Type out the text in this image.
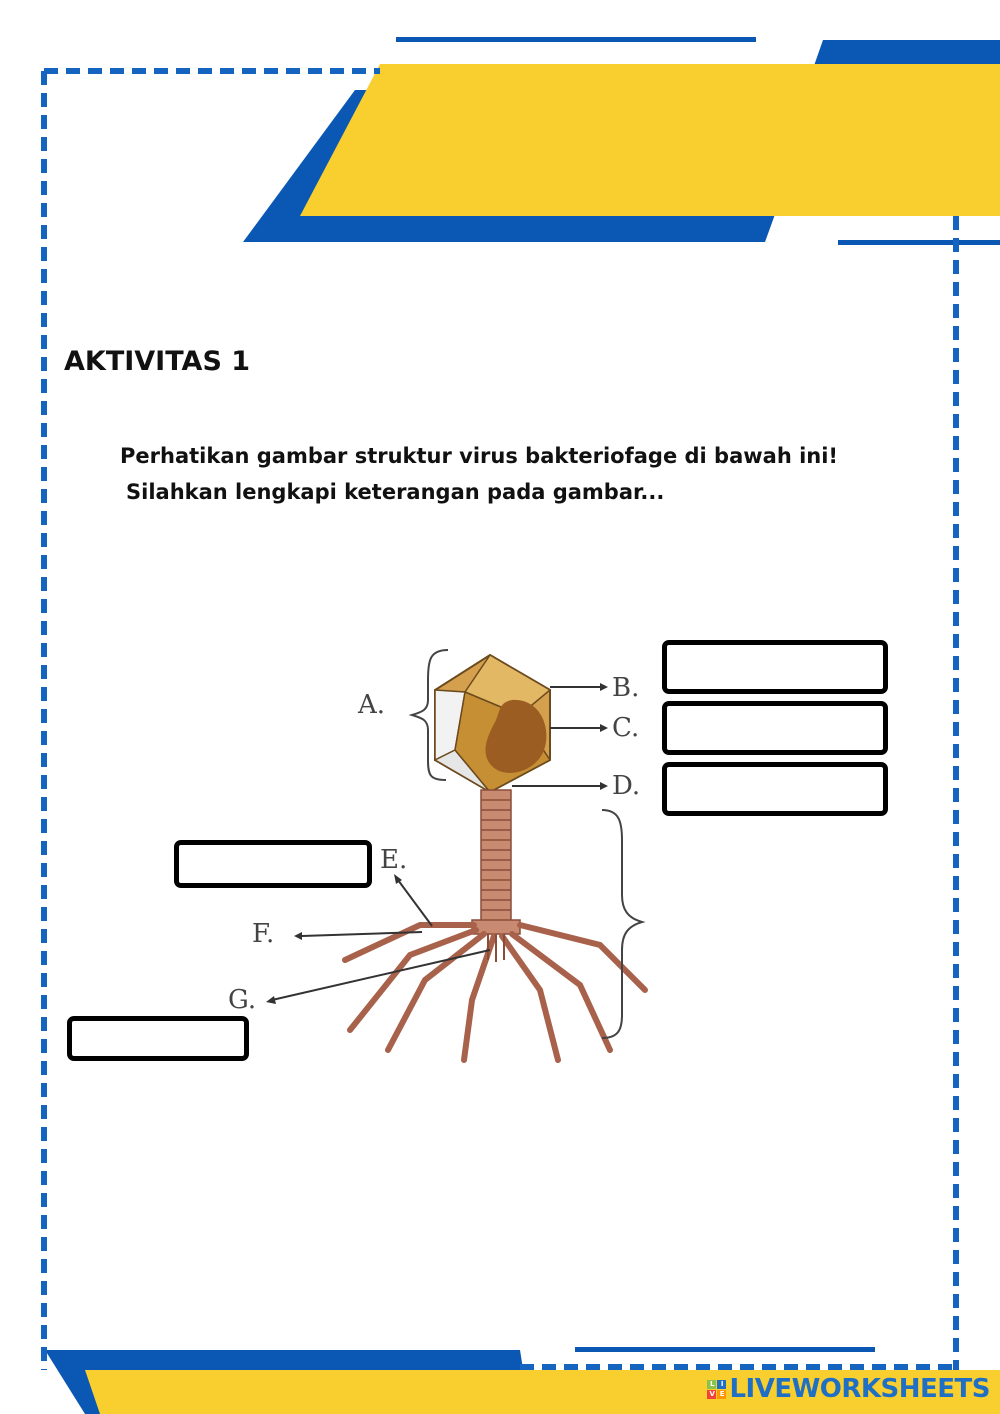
AKTIVITAS 1

Perhatikan gambar struktur virus bakteriofage di bawah ini!
Silahkan lengkapi keterangan pada gambar...

A.
B.
C.
D.
E.
F.
G.
L I
V E LIVEWORKSHEETS
